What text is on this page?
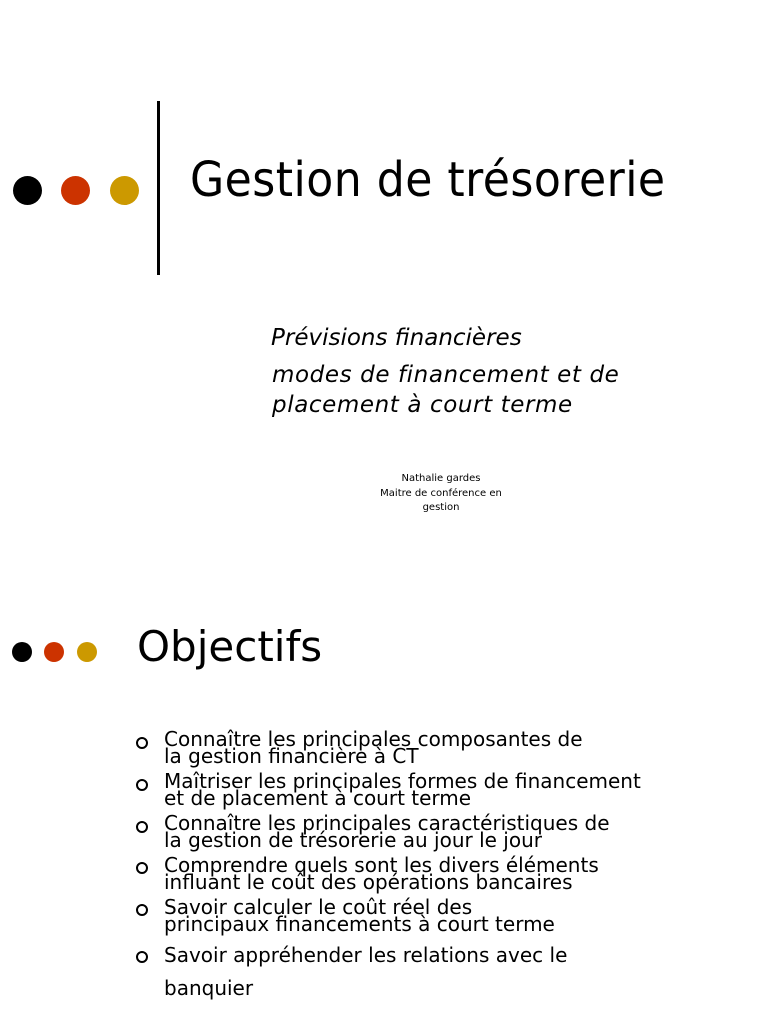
Gestion de trésorerie
Prévisions financières
modes de financement et de
placement à court terme
Nathalie gardes
Maitre de conférence en
gestion
Objectifs
Connaître les principales composantes de
la gestion financière à CT
Maîtriser les principales formes de financement
et de placement à court terme
Connaître les principales caractéristiques de
la gestion de trésorerie au jour le jour
Comprendre quels sont les divers éléments
influant le coût des opérations bancaires
Savoir calculer le coût réel des
principaux financements à court terme
Savoir appréhender les relations avec le
banquier
